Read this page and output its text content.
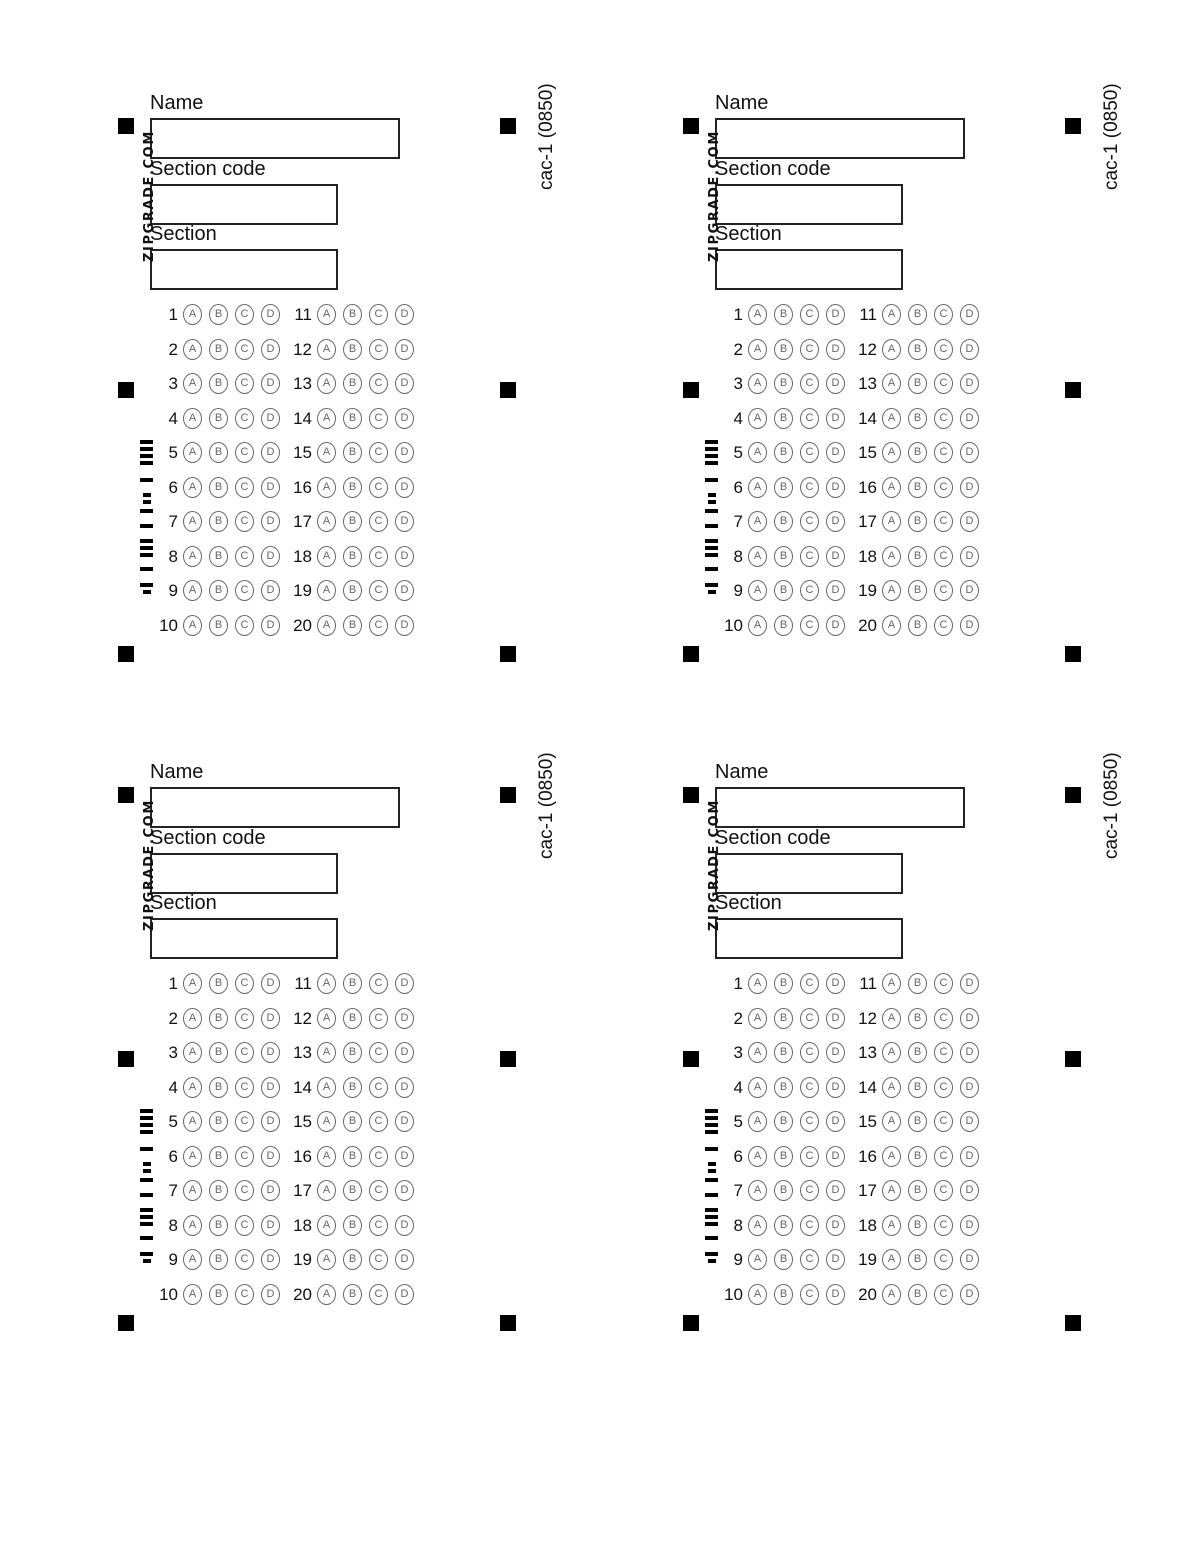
Name
Section code
Section
ZIPGRADE.COM	cac-1 (0850)
1 A	B	C	D
2 A	B	C	D
3 A	B	C	D
4 A	B	C	D
5 A	B	C	D
6 A	B	C	D
7 A	B	C	D
8 A	B	C	D
9 A	B	C	D
10 A	B	C	D
11 A	B	C	D
12 A	B	C	D
13 A	B	C	D
14 A	B	C	D
15 A	B	C	D
16 A	B	C	D
17 A	B	C	D
18 A	B	C	D
19 A	B	C	D
20 A	B	C	D
Name
Section code
Section
ZIPGRADE.COM	cac-1 (0850)
1 A	B	C	D
2 A	B	C	D
3 A	B	C	D
4 A	B	C	D
5 A	B	C	D
6 A	B	C	D
7 A	B	C	D
8 A	B	C	D
9 A	B	C	D
10 A	B	C	D
11 A	B	C	D
12 A	B	C	D
13 A	B	C	D
14 A	B	C	D
15 A	B	C	D
16 A	B	C	D
17 A	B	C	D
18 A	B	C	D
19 A	B	C	D
20 A	B	C	D
Name
Section code
Section
ZIPGRADE.COM	cac-1 (0850)
1 A	B	C	D
2 A	B	C	D
3 A	B	C	D
4 A	B	C	D
5 A	B	C	D
6 A	B	C	D
7 A	B	C	D
8 A	B	C	D
9 A	B	C	D
10 A	B	C	D
11 A	B	C	D
12 A	B	C	D
13 A	B	C	D
14 A	B	C	D
15 A	B	C	D
16 A	B	C	D
17 A	B	C	D
18 A	B	C	D
19 A	B	C	D
20 A	B	C	D
Name
Section code
Section
ZIPGRADE.COM	cac-1 (0850)
1 A	B	C	D
2 A	B	C	D
3 A	B	C	D
4 A	B	C	D
5 A	B	C	D
6 A	B	C	D
7 A	B	C	D
8 A	B	C	D
9 A	B	C	D
10 A	B	C	D
11 A	B	C	D
12 A	B	C	D
13 A	B	C	D
14 A	B	C	D
15 A	B	C	D
16 A	B	C	D
17 A	B	C	D
18 A	B	C	D
19 A	B	C	D
20 A	B	C	D
